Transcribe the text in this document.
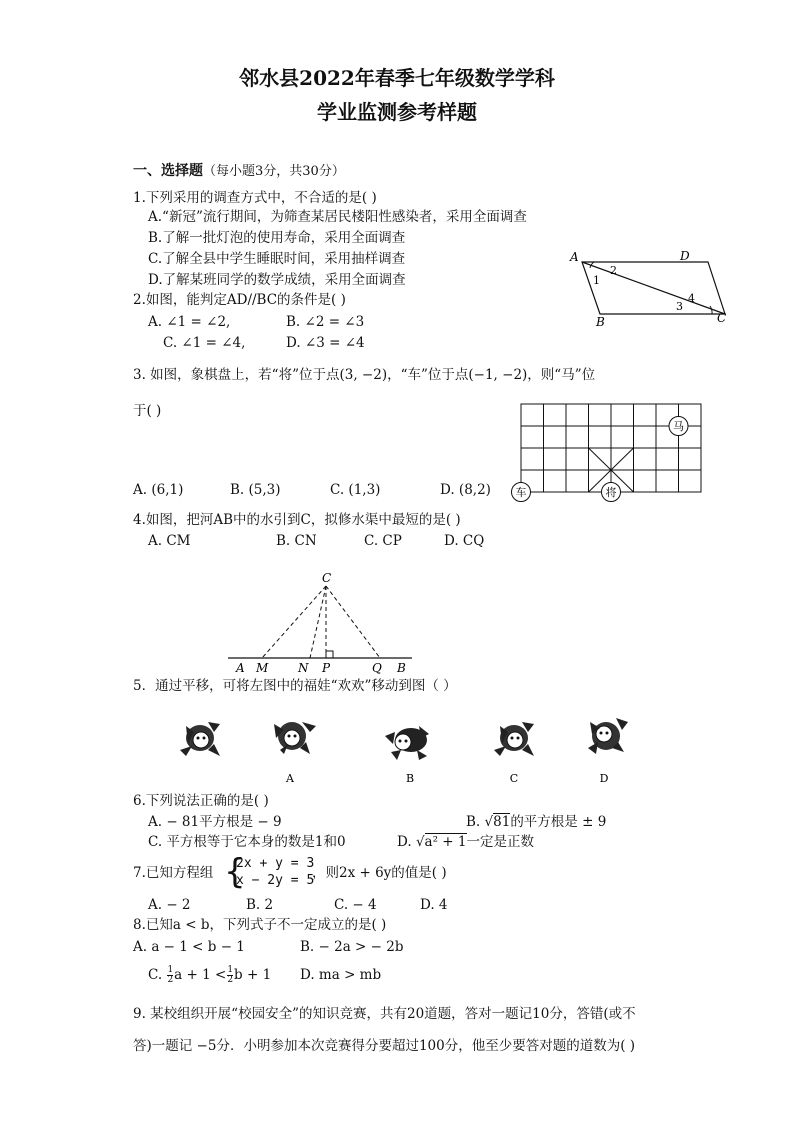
邻水县2022年春季七年级数学学科
学业监测参考样题
一、选择题（每小题3分，共30分）
1.下列采用的调查方式中，不合适的是( )
A.“新冠”流行期间，为筛查某居民楼阳性感染者，采用全面调查
B.了解一批灯泡的使用寿命，采用全面调查
C.了解全县中学生睡眠时间，采用抽样调查
D.了解某班同学的数学成绩，采用全面调查
2.如图，能判定AD//BC的条件是( )
A. ∠1 = ∠2,	B. ∠2 = ∠3
C. ∠1 = ∠4,	D. ∠3 = ∠4
A	D
B	C
1
2
3
4
3. 如图，象棋盘上，若“将”位于点(3, −2)，“车”位于点(−1, −2)，则“马”位
于( )
A. (6,1)	B. (5,3)	C. (1,3)	D. (8,2)
马
车	将
4.如图，把河AB中的水引到C，拟修水渠中最短的是( )
A. CM	B. CN	C. CP	D. CQ
C
A M N P	Q B
5．通过平移，可将左图中的福娃“欢欢”移动到图（ ）
A	B	C	D
6.下列说法正确的是( )
A. − 81平方根是 − 9	B. √81的平方根是 ± 9
C. 平方根等于它本身的数是1和0	D. √a² + 1一定是正数
7.已知方程组 {
2x + y = 3
x − 2y = 5
，则2x + 6y的值是( )
A. − 2	B. 2	C. − 4	D. 4
8.已知a < b，下列式子不一定成立的是( )
A. a − 1 < b − 1	B. − 2a > − 2b
C. $\frac{1}{2}$ $a + 1 < \frac{1}{2}$ b + 1 D. ma > mb
9. 某校组织开展“校园安全”的知识竞赛，共有20道题，答对一题记10分，答错(或不
答)一题记 −5分．小明参加本次竞赛得分要超过100分，他至少要答对题的道数为( )
